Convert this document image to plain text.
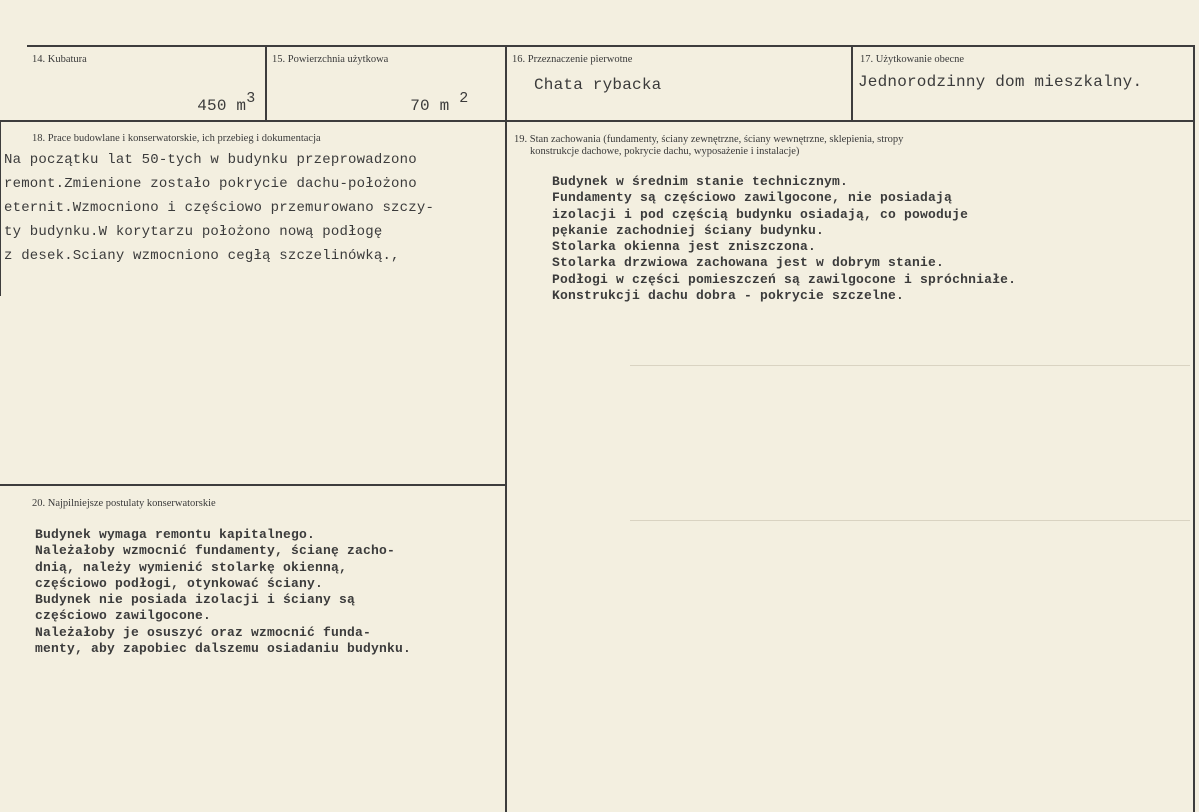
14. Kubatura

450 m3

15. Powierzchnia użytkowa

70 m 2

16. Przeznaczenie pierwotne
Chata rybacka
17. Użytkowanie obecne
Jednorodzinny dom mieszkalny.
18. Prace budowlane i konserwatorskie, ich przebieg i dokumentacja
Na początku lat 50-tych w budynku przeprowadzono
remont.Zmienione zostało pokrycie dachu-położono
eternit.Wzmocniono i częściowo przemurowano szczy-
ty budynku.W korytarzu położono nową podłogę
z desek.Sciany wzmocniono cegłą szczelinówką.,
19. Stan zachowania (fundamenty, ściany zewnętrzne, ściany wewnętrzne, sklepienia, stropy
konstrukcje dachowe, pokrycie dachu, wyposażenie i instalacje)
Budynek w średnim stanie technicznym.
Fundamenty są częściowo zawilgocone, nie posiadają
izolacji i pod częścią budynku osiadają, co powoduje
pękanie zachodniej ściany budynku.
Stolarka okienna jest zniszczona.
Stolarka drzwiowa zachowana jest w dobrym stanie.
Podłogi w części pomieszczeń są zawilgocone i spróchniałe.
Konstrukcji dachu dobra - pokrycie szczelne.
20. Najpilniejsze postulaty konserwatorskie
Budynek wymaga remontu kapitalnego.
Należałoby wzmocnić fundamenty, ścianę zacho-
dnią, należy wymienić stolarkę okienną,
częściowo podłogi, otynkować ściany.
Budynek nie posiada izolacji i ściany są
częściowo zawilgocone.
Należałoby je osuszyć oraz wzmocnić funda-
menty, aby zapobiec dalszemu osiadaniu budynku.
